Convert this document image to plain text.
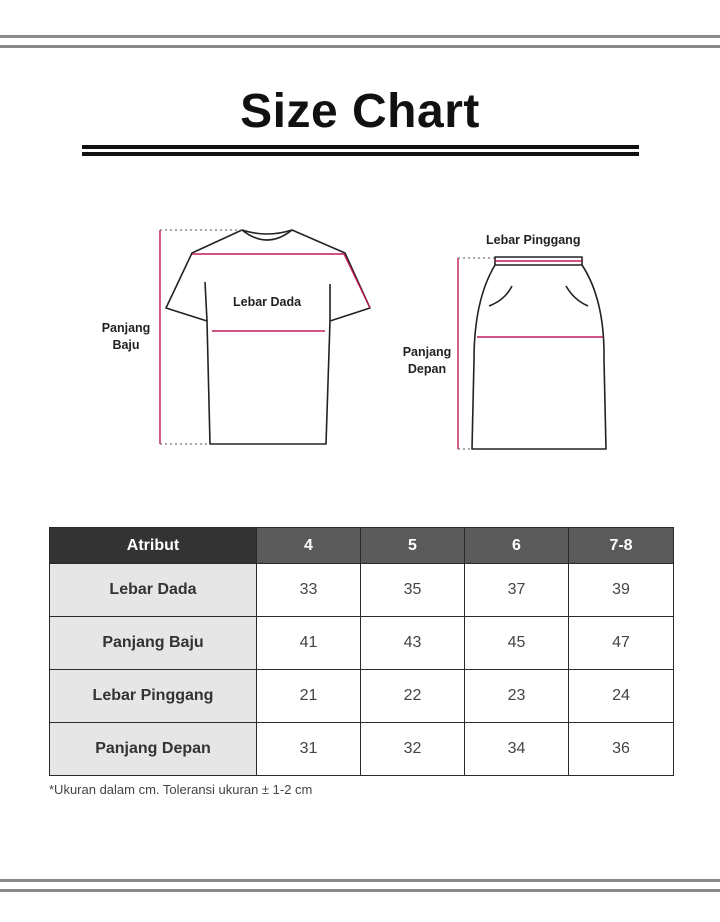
Size Chart
Panjang
Baju
Lebar Dada
Lebar Pinggang
Panjang
Depan
Atribut	4	5	6	7-8
Lebar Dada	33	35	37	39
Panjang Baju	41	43	45	47
Lebar Pinggang	21	22	23	24
Panjang Depan	31	32	34	36
*Ukuran dalam cm. Toleransi ukuran ± 1-2 cm
